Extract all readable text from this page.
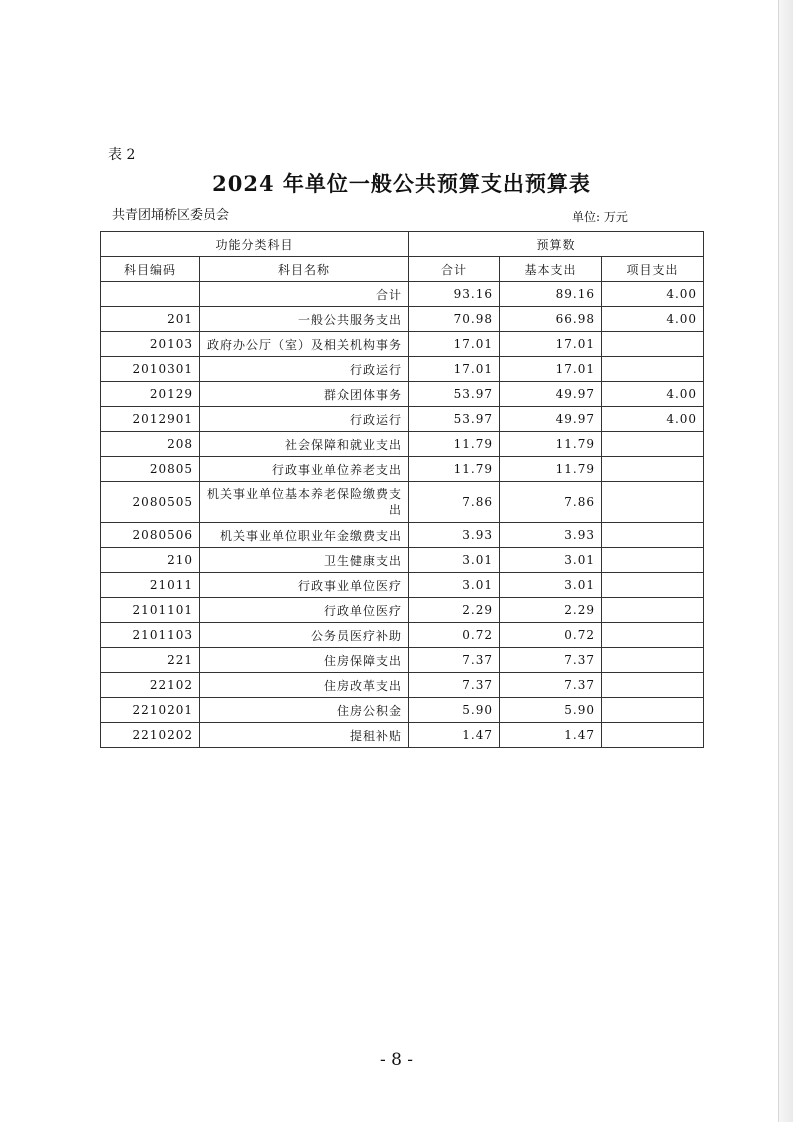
表 2
2024 年单位一般公共预算支出预算表
共青团埇桥区委员会	单位: 万元
功能分类科目		预算数		
科目编码	科目名称	合计	基本支出	项目支出
	合计	93.16	89.16	4.00
201	一般公共服务支出	70.98	66.98	4.00
20103	政府办公厅（室）及相关机构事务	17.01	17.01	
2010301	行政运行	17.01	17.01	
20129	群众团体事务	53.97	49.97	4.00
2012901	行政运行	53.97	49.97	4.00
208	社会保障和就业支出	11.79	11.79	
20805	行政事业单位养老支出	11.79	11.79	
2080505	机关事业单位基本养老保险缴费支出	7.86	7.86	
2080506	机关事业单位职业年金缴费支出	3.93	3.93	
210	卫生健康支出	3.01	3.01	
21011	行政事业单位医疗	3.01	3.01	
2101101	行政单位医疗	2.29	2.29	
2101103	公务员医疗补助	0.72	0.72	
221	住房保障支出	7.37	7.37	
22102	住房改革支出	7.37	7.37	
2210201	住房公积金	5.90	5.90	
2210202	提租补贴	1.47	1.47	
- 8 -
